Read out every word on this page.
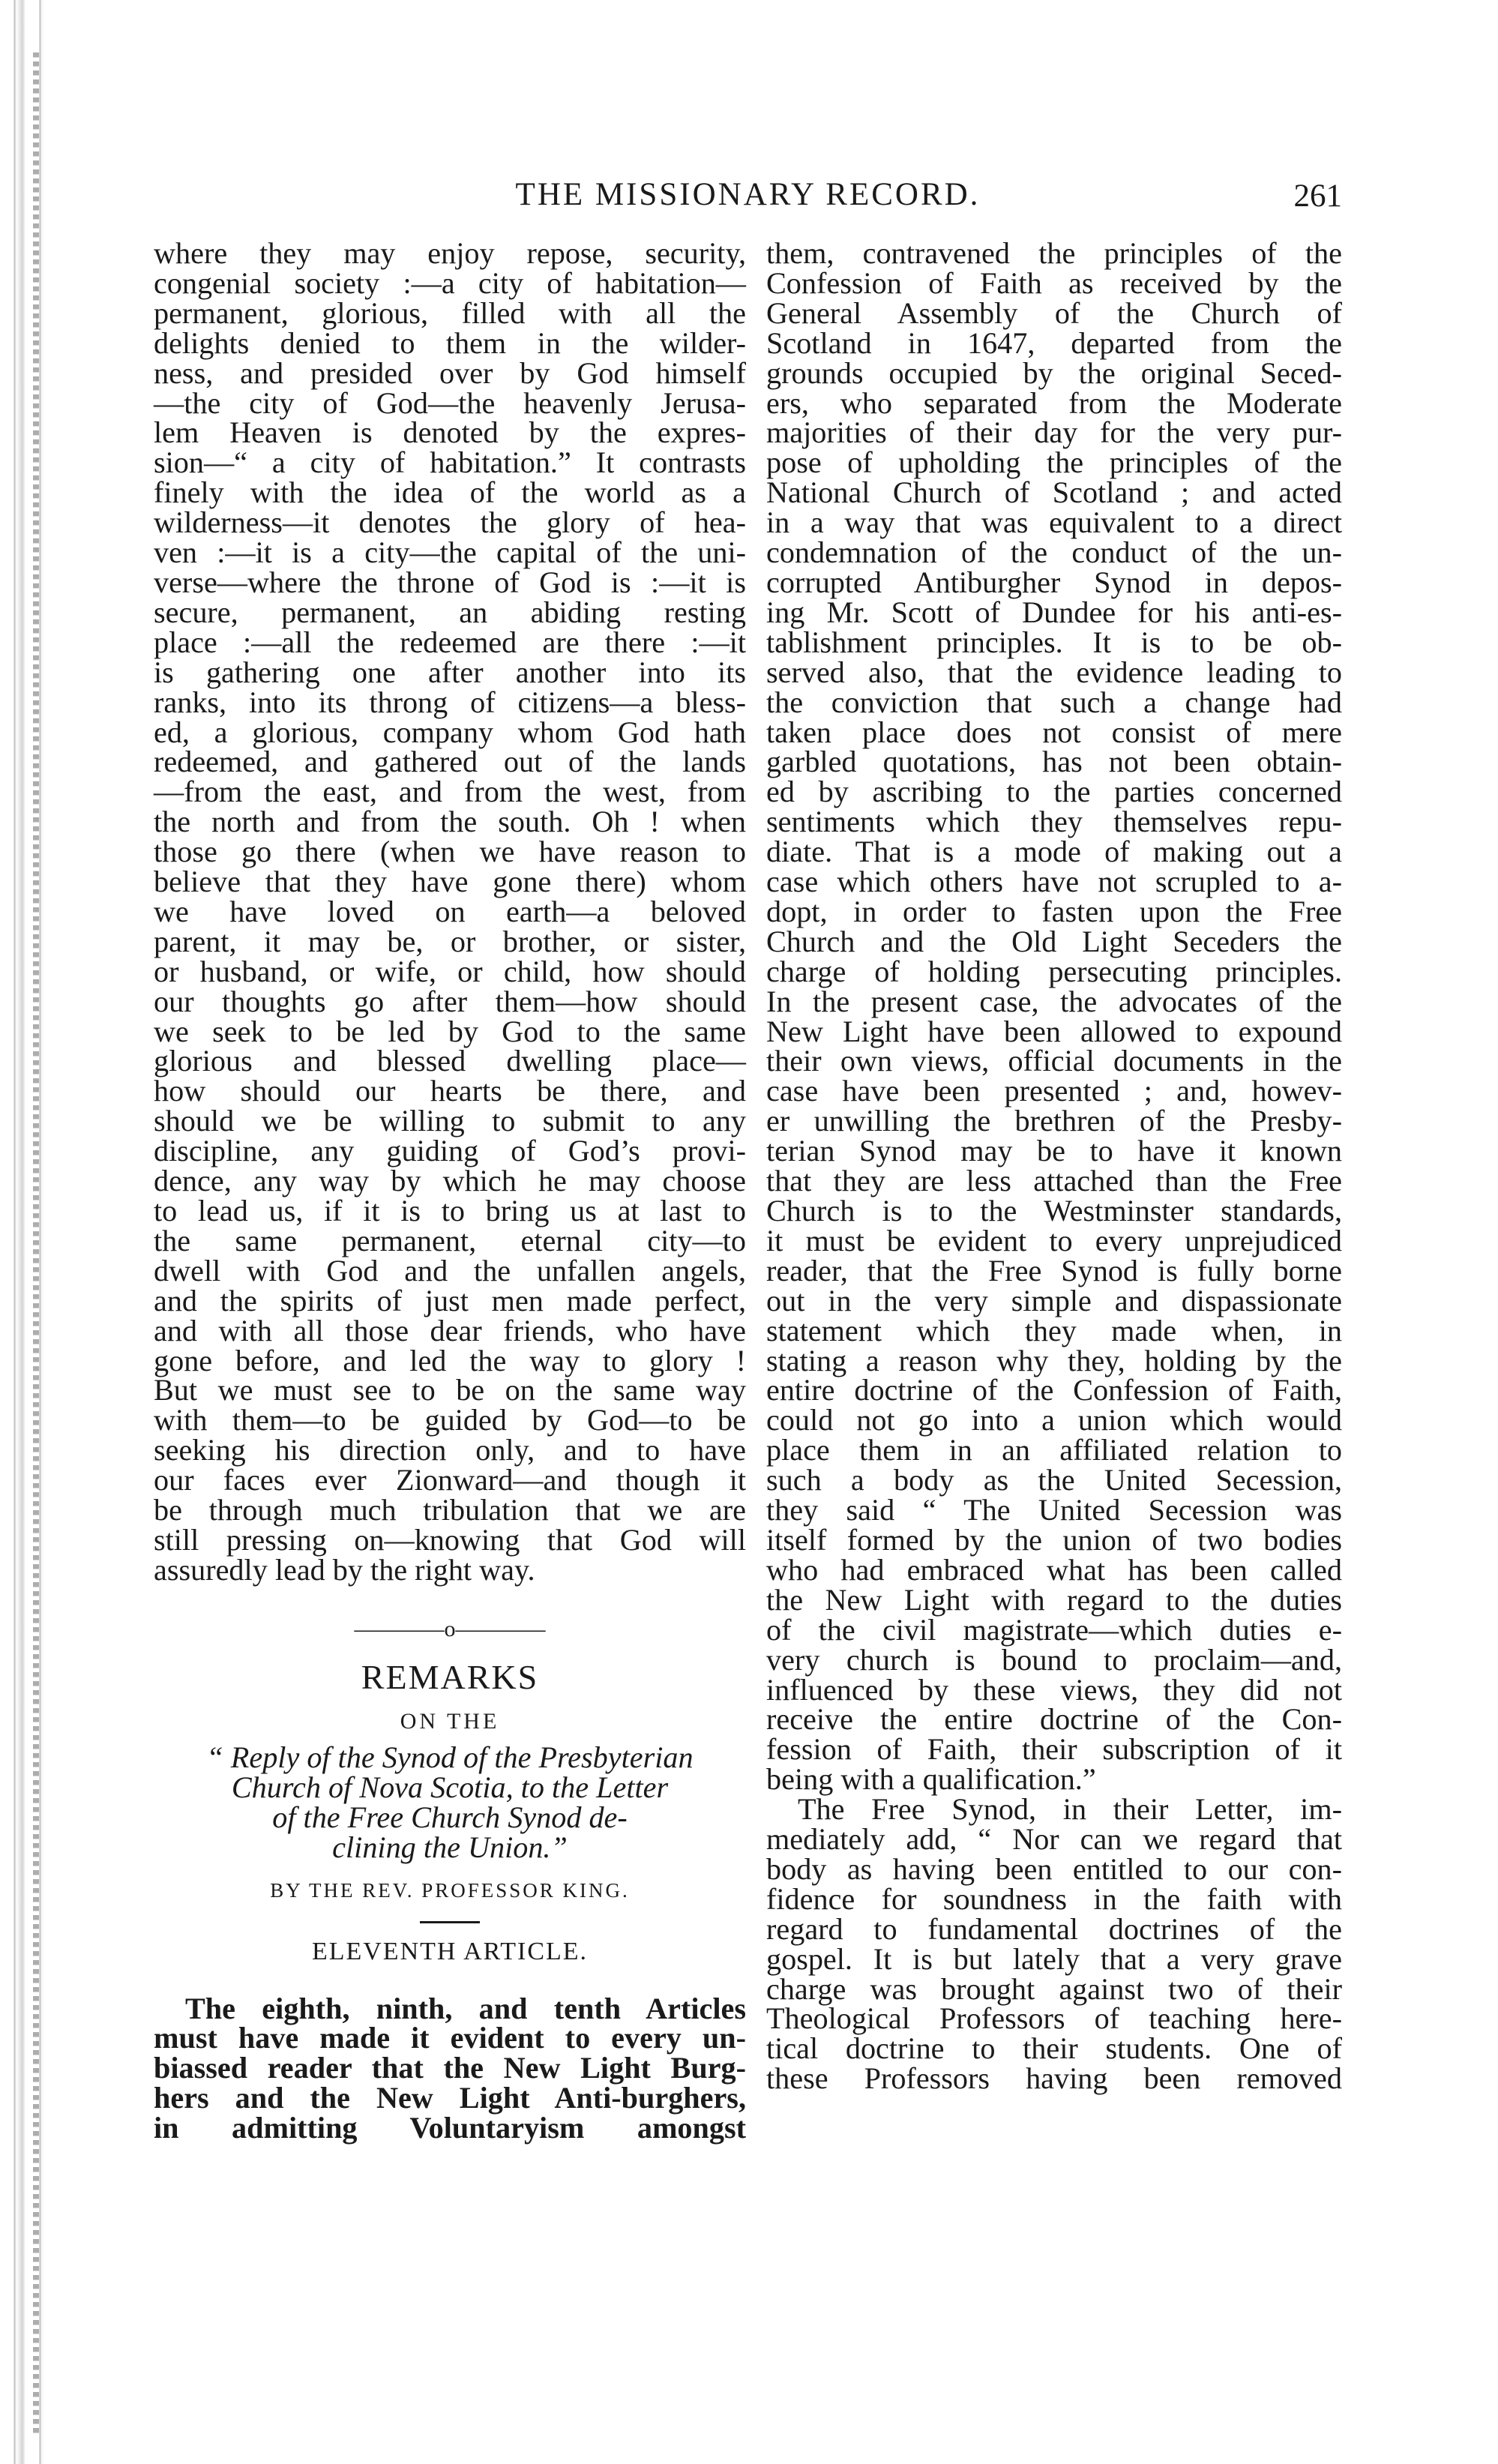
THE MISSIONARY RECORD.	261

where they may enjoy repose, security,

congenial society :—a city of habitation—

permanent, glorious, filled with all the

delights denied to them in the wilder-

ness, and presided over by God himself

—the city of God—the heavenly Jerusa-

lem Heaven is denoted by the expres-

sion—“ a city of habitation.” It contrasts

finely with the idea of the world as a

wilderness—it denotes the glory of hea-

ven :—it is a city—the capital of the uni-

verse—where the throne of God is :—it is

secure, permanent, an abiding resting

place :—all the redeemed are there :—it

is gathering one after another into its

ranks, into its throng of citizens—a bless-

ed, a glorious, company whom God hath

redeemed, and gathered out of the lands

—from the east, and from the west, from

the north and from the south. Oh ! when

those go there (when we have reason to

believe that they have gone there) whom

we have loved on earth—a beloved

parent, it may be, or brother, or sister,

or husband, or wife, or child, how should

our thoughts go after them—how should

we seek to be led by God to the same

glorious and blessed dwelling place—

how should our hearts be there, and

should we be willing to submit to any

discipline, any guiding of God’s provi-

dence, any way by which he may choose

to lead us, if it is to bring us at last to

the same permanent, eternal city—to

dwell with God and the unfallen angels,

and the spirits of just men made perfect,

and with all those dear friends, who have

gone before, and led the way to glory !

But we must see to be on the same way

with them—to be guided by God—to be

seeking his direction only, and to have

our faces ever Zionward—and though it

be through much tribulation that we are

still pressing on—knowing that God will

assuredly lead by the right way.

————o————
REMARKS
ON THE
“ Reply of the Synod of the Presbyterian
Church of Nova Scotia, to the Letter
of the Free Church Synod de-
clining the Union.”
BY THE REV. PROFESSOR KING.
ELEVENTH ARTICLE.

The eighth, ninth, and tenth Articles

must have made it evident to every un-

biassed reader that the New Light Burg-

hers and the New Light Anti-burghers,

in admitting Voluntaryism amongst

them, contravened the principles of the

Confession of Faith as received by the

General Assembly of the Church of

Scotland in 1647, departed from the

grounds occupied by the original Seced-

ers, who separated from the Moderate

majorities of their day for the very pur-

pose of upholding the principles of the

National Church of Scotland ; and acted

in a way that was equivalent to a direct

condemnation of the conduct of the un-

corrupted Antiburgher Synod in depos-

ing Mr. Scott of Dundee for his anti-es-

tablishment principles. It is to be ob-

served also, that the evidence leading to

the conviction that such a change had

taken place does not consist of mere

garbled quotations, has not been obtain-

ed by ascribing to the parties concerned

sentiments which they themselves repu-

diate. That is a mode of making out a

case which others have not scrupled to a-

dopt, in order to fasten upon the Free

Church and the Old Light Seceders the

charge of holding persecuting principles.

In the present case, the advocates of the

New Light have been allowed to expound

their own views, official documents in the

case have been presented ; and, howev-

er unwilling the brethren of the Presby-

terian Synod may be to have it known

that they are less attached than the Free

Church is to the Westminster standards,

it must be evident to every unprejudiced

reader, that the Free Synod is fully borne

out in the very simple and dispassionate

statement which they made when, in

stating a reason why they, holding by the

entire doctrine of the Confession of Faith,

could not go into a union which would

place them in an affiliated relation to

such a body as the United Secession,

they said “ The United Secession was

itself formed by the union of two bodies

who had embraced what has been called

the New Light with regard to the duties

of the civil magistrate—which duties e-

very church is bound to proclaim—and,

influenced by these views, they did not

receive the entire doctrine of the Con-

fession of Faith, their subscription of it

being with a qualification.”

The Free Synod, in their Letter, im-

mediately add, “ Nor can we regard that

body as having been entitled to our con-

fidence for soundness in the faith with

regard to fundamental doctrines of the

gospel. It is but lately that a very grave

charge was brought against two of their

Theological Professors of teaching here-

tical doctrine to their students. One of

these Professors having been removed
